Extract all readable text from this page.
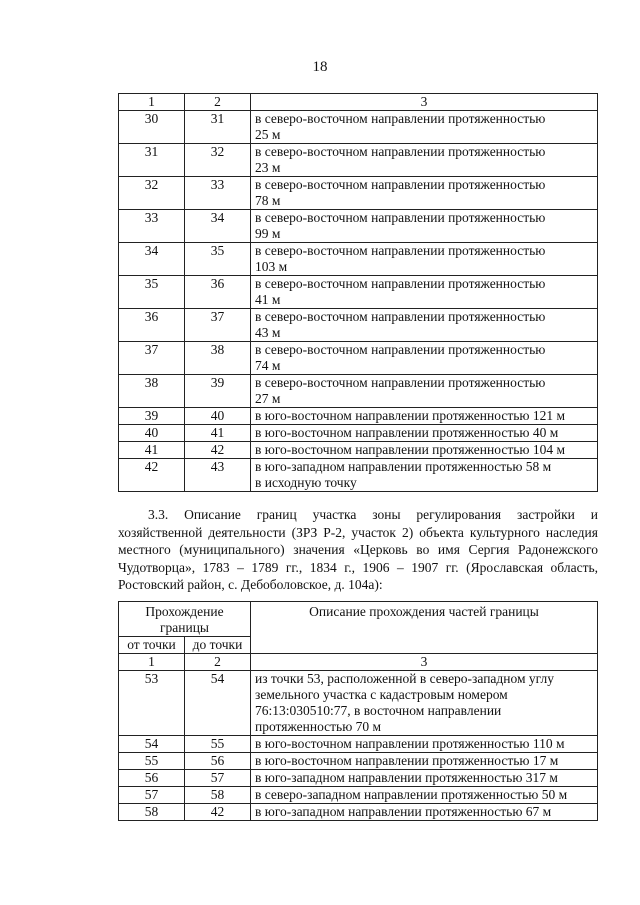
18
1	2	3
30	31	в северо-восточном направлении протяженностью
25 м

31	32	в северо-восточном направлении протяженностью
23 м

32	33	в северо-восточном направлении протяженностью
78 м

33	34	в северо-восточном направлении протяженностью
99 м

34	35	в северо-восточном направлении протяженностью
103 м

35	36	в северо-восточном направлении протяженностью
41 м

36	37	в северо-восточном направлении протяженностью
43 м

37	38	в северо-восточном направлении протяженностью
74 м

38	39	в северо-восточном направлении протяженностью
27 м

39	40	в юго-восточном направлении протяженностью 121 м

40	41	в юго-восточном направлении протяженностью 40 м

41	42	в юго-восточном направлении протяженностью 104 м

42	43	в юго-западном направлении протяженностью 58 м
в исходную точку
3.3. Описание границ участка зоны регулирования застройки и хозяйственной деятельности (ЗРЗ Р-2, участок 2) объекта культурного наследия местного (муниципального) значения «Церковь во имя Сергия Радонежского Чудотворца», 1783 – 1789 гг., 1834 г., 1906 – 1907 гг. (Ярославская область, Ростовский район, с. Дебоболовское, д. 104а):
Прохождение границы		Описание прохождения частей границы
от точки	до точки	
1	2	3
53	54	из точки 53, расположенной в северо-западном углу
земельного участка с кадастровым номером
76:13:030510:77, в восточном направлении
протяженностью 70 м

54	55	в юго-восточном направлении протяженностью 110 м

55	56	в юго-восточном направлении протяженностью 17 м

56	57	в юго-западном направлении протяженностью 317 м

57	58	в северо-западном направлении протяженностью 50 м

58	42	в юго-западном направлении протяженностью 67 м
